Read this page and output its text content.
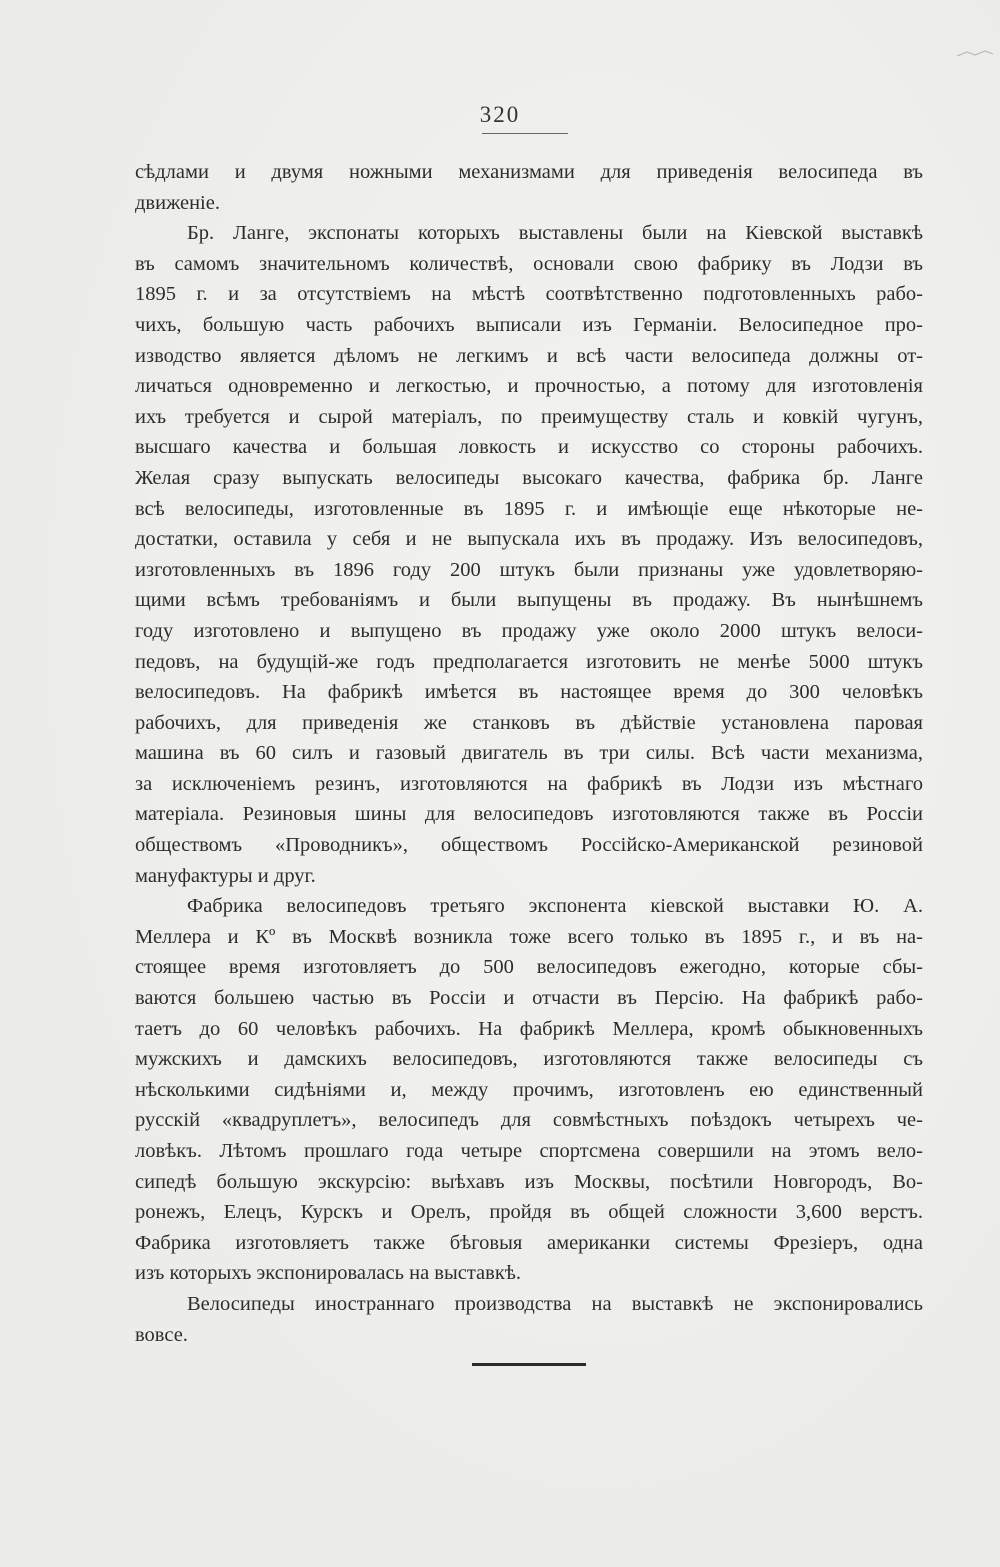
320
сѣдлами и двумя ножными механизмами для приведенія велосипеда въ
движеніе.
Бр. Ланге, экспонаты которыхъ выставлены были на Кіевской выставкѣ
въ самомъ значительномъ количествѣ, основали свою фабрику въ Лодзи въ
1895 г. и за отсутствіемъ на мѣстѣ соотвѣтственно подготовленныхъ рабо-
чихъ, большую часть рабочихъ выписали изъ Германіи. Велосипедное про-
изводство является дѣломъ не легкимъ и всѣ части велосипеда должны от-
личаться одновременно и легкостью, и прочностью, а потому для изготовленія
ихъ требуется и сырой матеріалъ, по преимуществу сталь и ковкій чугунъ,
высшаго качества и большая ловкость и искусство со стороны рабочихъ.
Желая сразу выпускать велосипеды высокаго качества, фабрика бр. Ланге
всѣ велосипеды, изготовленные въ 1895 г. и имѣющіе еще нѣкоторые не-
достатки, оставила у себя и не выпускала ихъ въ продажу. Изъ велосипедовъ,
изготовленныхъ въ 1896 году 200 штукъ были признаны уже удовлетворяю-
щими всѣмъ требованіямъ и были выпущены въ продажу. Въ нынѣшнемъ
году изготовлено и выпущено въ продажу уже около 2000 штукъ велоси-
педовъ, на будущій-же годъ предполагается изготовить не менѣе 5000 штукъ
велосипедовъ. На фабрикѣ имѣется въ настоящее время до 300 человѣкъ
рабочихъ, для приведенія же станковъ въ дѣйствіе установлена паровая
машина въ 60 силъ и газовый двигатель въ три силы. Всѣ части механизма,
за исключеніемъ резинъ, изготовляются на фабрикѣ въ Лодзи изъ мѣстнаго
матеріала. Резиновыя шины для велосипедовъ изготовляются также въ Россіи
обществомъ «Проводникъ», обществомъ Россійско-Американской резиновой
мануфактуры и друг.
Фабрика велосипедовъ третьяго экспонента кіевской выставки Ю. А.
Меллера и Кº въ Москвѣ возникла тоже всего только въ 1895 г., и въ на-
стоящее время изготовляетъ до 500 велосипедовъ ежегодно, которые сбы-
ваются большею частью въ Россіи и отчасти въ Персію. На фабрикѣ рабо-
таетъ до 60 человѣкъ рабочихъ. На фабрикѣ Меллера, кромѣ обыкновенныхъ
мужскихъ и дамскихъ велосипедовъ, изготовляются также велосипеды съ
нѣсколькими сидѣніями и, между прочимъ, изготовленъ ею единственный
русскій «квадруплетъ», велосипедъ для совмѣстныхъ поѣздокъ четырехъ че-
ловѣкъ. Лѣтомъ прошлаго года четыре спортсмена совершили на этомъ вело-
сипедѣ большую экскурсію: выѣхавъ изъ Москвы, посѣтили Новгородъ, Во-
ронежъ, Елецъ, Курскъ и Орелъ, пройдя въ общей сложности 3,600 верстъ.
Фабрика изготовляетъ также бѣговыя американки системы Фрезіеръ, одна
изъ которыхъ экспонировалась на выставкѣ.
Велосипеды иностраннаго производства на выставкѣ не экспонировались
вовсе.
